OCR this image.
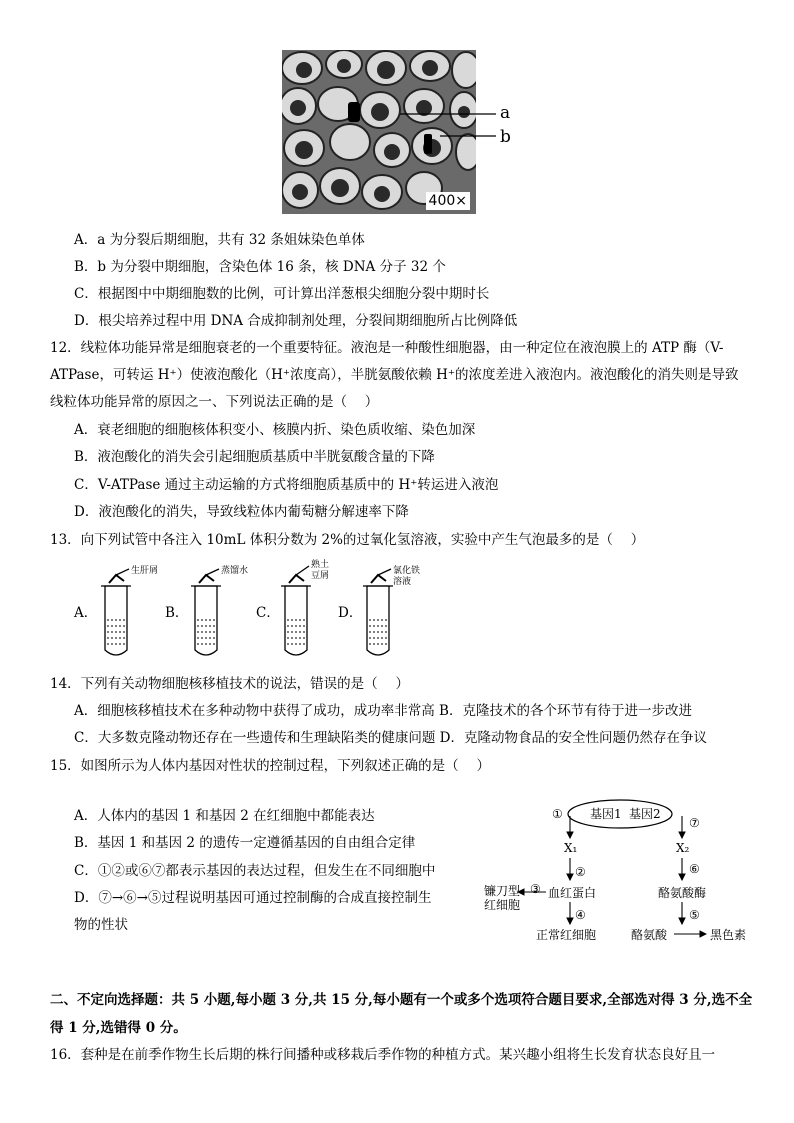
400×
a
b
A．a 为分裂后期细胞，共有 32 条姐妹染色单体
B．b 为分裂中期细胞，含染色体 16 条，核 DNA 分子 32 个
C．根据图中中期细胞数的比例，可计算出洋葱根尖细胞分裂中期时长
D．根尖培养过程中用 DNA 合成抑制剂处理，分裂间期细胞所占比例降低
12．线粒体功能异常是细胞衰老的一个重要特征。液泡是一种酸性细胞器，由一种定位在液泡膜上的 ATP 酶（V-
ATPase，可转运 H⁺）使液泡酸化（H⁺浓度高），半胱氨酸依赖 H⁺的浓度差进入液泡内。液泡酸化的消失则是导致
线粒体功能异常的原因之一、下列说法正确的是（　 ）
A．衰老细胞的细胞核体积变小、核膜内折、染色质收缩、染色加深
B．液泡酸化的消失会引起细胞质基质中半胱氨酸含量的下降
C．V-ATPase 通过主动运输的方式将细胞质基质中的 H⁺转运进入液泡
D．液泡酸化的消失，导致线粒体内葡萄糖分解速率下降
13．向下列试管中各注入 10mL 体积分数为 2%的过氧化氢溶液，实验中产生气泡最多的是（　 ）
A．	B．	C．	D．
生肝屑	蒸馏水
熟土
豆屑	氯化铁
溶液
14．下列有关动物细胞核移植技术的说法，错误的是（　 ）
A．细胞核移植技术在多种动物中获得了成功，成功率非常高 B．克隆技术的各个环节有待于进一步改进
C．大多数克隆动物还存在一些遗传和生理缺陷类的健康问题 D．克隆动物食品的安全性问题仍然存在争议
15．如图所示为人体内基因对性状的控制过程，下列叙述正确的是（　 ）
A．人体内的基因 1 和基因 2 在红细胞中都能表达
B．基因 1 和基因 2 的遗传一定遵循基因的自由组合定律
C．①②或⑥⑦都表示基因的表达过程，但发生在不同细胞中
D．⑦→⑥→⑤过程说明基因可通过控制酶的合成直接控制生
物的性状
① 基因1 基因2
⑦
X₁	X₂
②	⑥
镰刀型
红细胞
③ 血红蛋白	酪氨酸酶
④	⑤
正常红细胞	酪氨酸	黑色素
二、不定向选择题：共 5 小题,每小题 3 分,共 15 分,每小题有一个或多个选项符合题目要求,全部选对得 3 分,选不全
得 1 分,选错得 0 分。
16．套种是在前季作物生长后期的株行间播种或移栽后季作物的种植方式。某兴趣小组将生长发育状态良好且一
